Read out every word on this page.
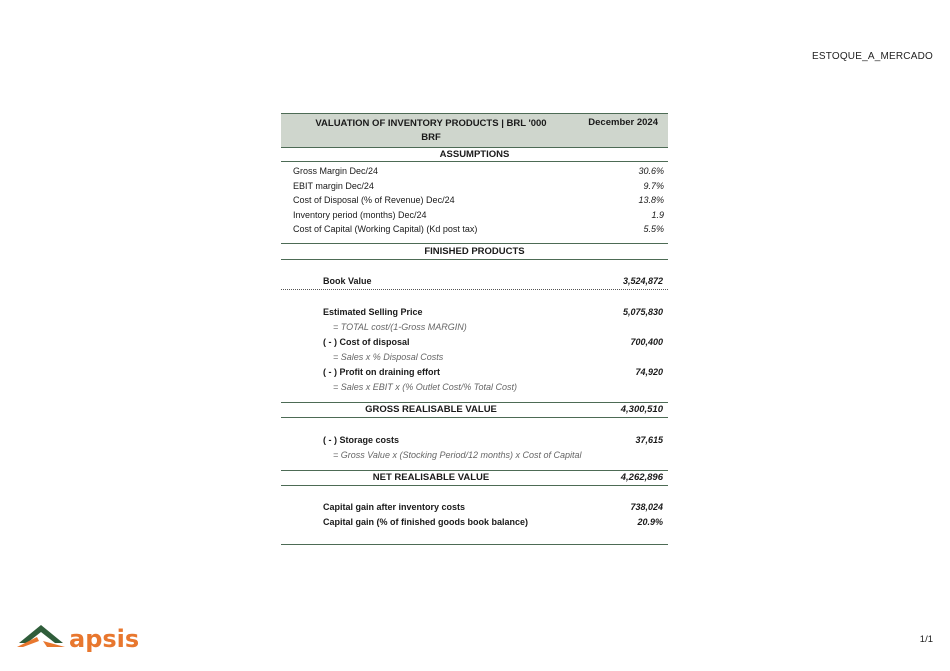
ESTOQUE_A_MERCADO
VALUATION OF INVENTORY PRODUCTS | BRL '000
BRF
December 2024
ASSUMPTIONS
Gross Margin Dec/24	30.6%
EBIT margin Dec/24	9.7%
Cost of Disposal (% of Revenue) Dec/24	13.8%
Inventory period (months) Dec/24	1.9
Cost of Capital (Working Capital) (Kd post tax)	5.5%
FINISHED PRODUCTS
Book Value	3,524,872
Estimated Selling Price	5,075,830
= TOTAL cost/(1-Gross MARGIN)
( - ) Cost of disposal	700,400
= Sales x % Disposal Costs
( - ) Profit on draining effort	74,920
= Sales x EBIT x (% Outlet Cost/% Total Cost)
GROSS REALISABLE VALUE	4,300,510
( - ) Storage costs	37,615
= Gross Value x (Stocking Period/12 months) x Cost of Capital
NET REALISABLE VALUE	4,262,896
Capital gain after inventory costs	738,024
Capital gain (% of finished goods book balance)	20.9%
apsis	1/1
